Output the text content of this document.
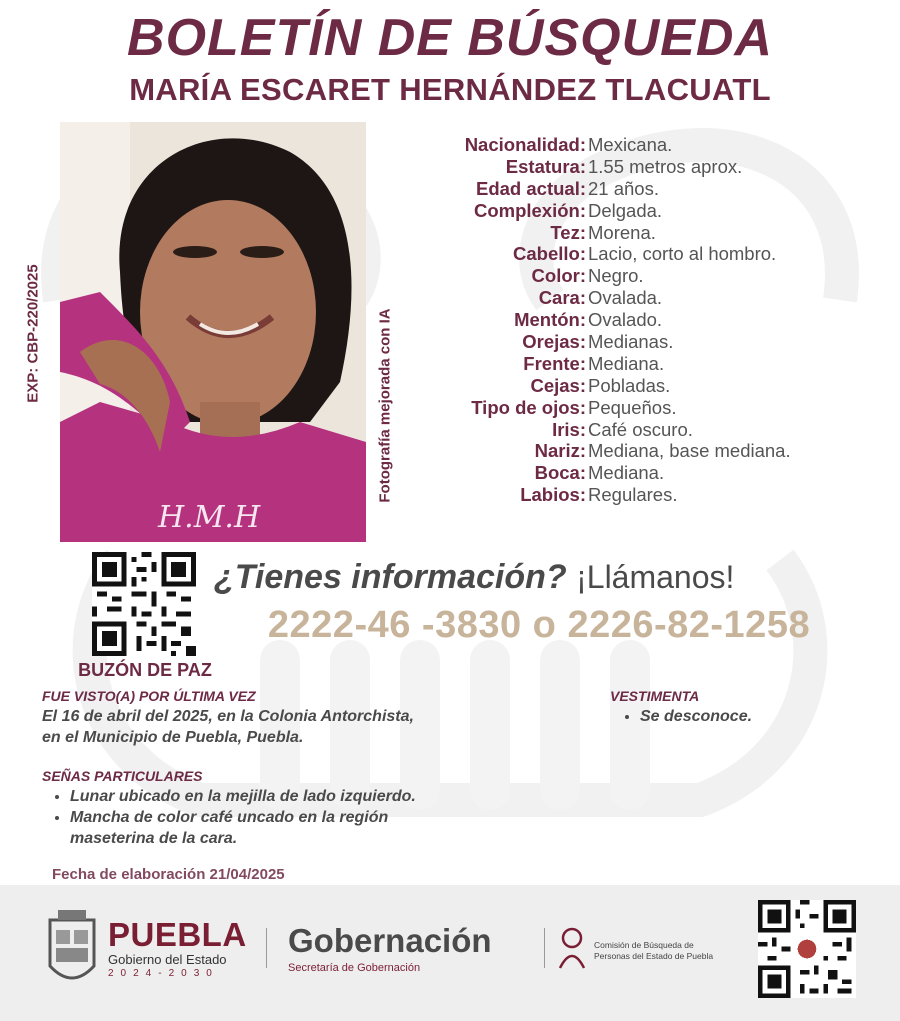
BOLETÍN DE BÚSQUEDA
MARÍA ESCARET HERNÁNDEZ TLACUATL
EXP: CBP-220/2025
H.M.H
Fotografía mejorada con IA
Nacionalidad: Mexicana.
Estatura: 1.55 metros aprox.
Edad actual: 21 años.
Complexión: Delgada.
Tez: Morena.
Cabello: Lacio, corto al hombro.
Color: Negro.
Cara: Ovalada.
Mentón: Ovalado.
Orejas: Medianas.
Frente: Mediana.
Cejas: Pobladas.
Tipo de ojos: Pequeños.
Iris: Café oscuro.
Nariz: Mediana, base mediana.
Boca: Mediana.
Labios: Regulares.
BUZÓN DE PAZ
¿Tienes información? ¡Llámanos!
2222-46 -3830 o 2226-82-1258
FUE VISTO(A) POR ÚLTIMA VEZ
El 16 de abril del 2025, en la Colonia Antorchista,
en el Municipio de Puebla, Puebla.
VESTIMENTA
• Se desconoce.
SEÑAS PARTICULARES
• Lunar ubicado en la mejilla de lado izquierdo.
• Mancha de color café uncado en la región maseterina de la cara.
Fecha de elaboración 21/04/2025
PUEBLA
Gobierno del Estado
2024-2030
Gobernación
Secretaría de Gobernación
Comisión de Búsqueda de Personas del Estado de Puebla
